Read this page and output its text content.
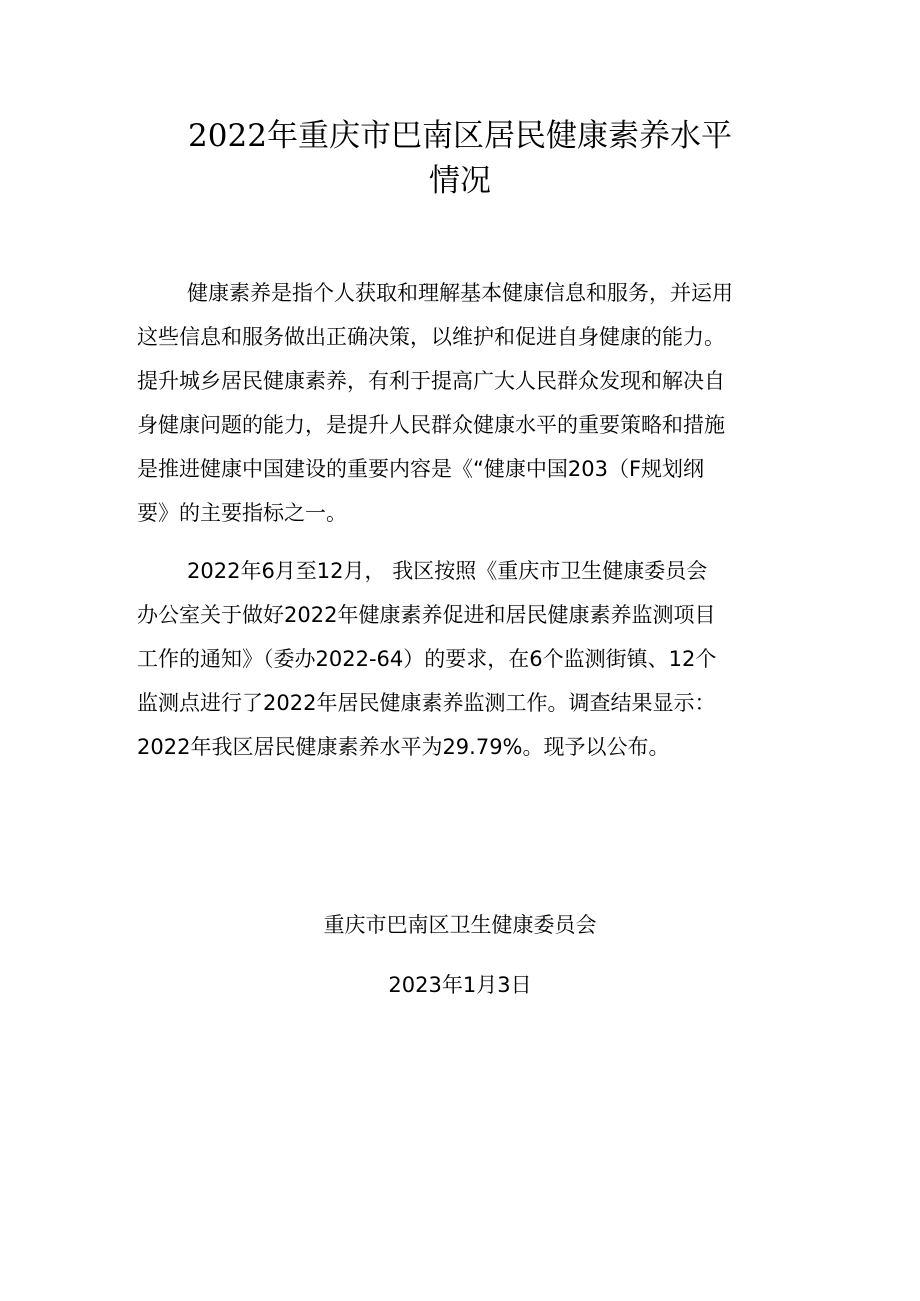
2022年重庆市巴南区居民健康素养水平
情况
健康素养是指个人获取和理解基本健康信息和服务，并运用
这些信息和服务做出正确决策，以维护和促进自身健康的能力。
提升城乡居民健康素养，有利于提高广大人民群众发现和解决自
身健康问题的能力，是提升人民群众健康水平的重要策略和措施
是推进健康中国建设的重要内容是《“健康中国203（F规划纲
要》的主要指标之一。
2022年6月至12月， 我区按照《重庆市卫生健康委员会
办公室关于做好2022年健康素养促进和居民健康素养监测项目
工作的通知》（委办2022-64）的要求，在6个监测街镇、12个
监测点进行了2022年居民健康素养监测工作。调查结果显示：
2022年我区居民健康素养水平为29.79%。现予以公布。
重庆市巴南区卫生健康委员会
2023年1月3日
